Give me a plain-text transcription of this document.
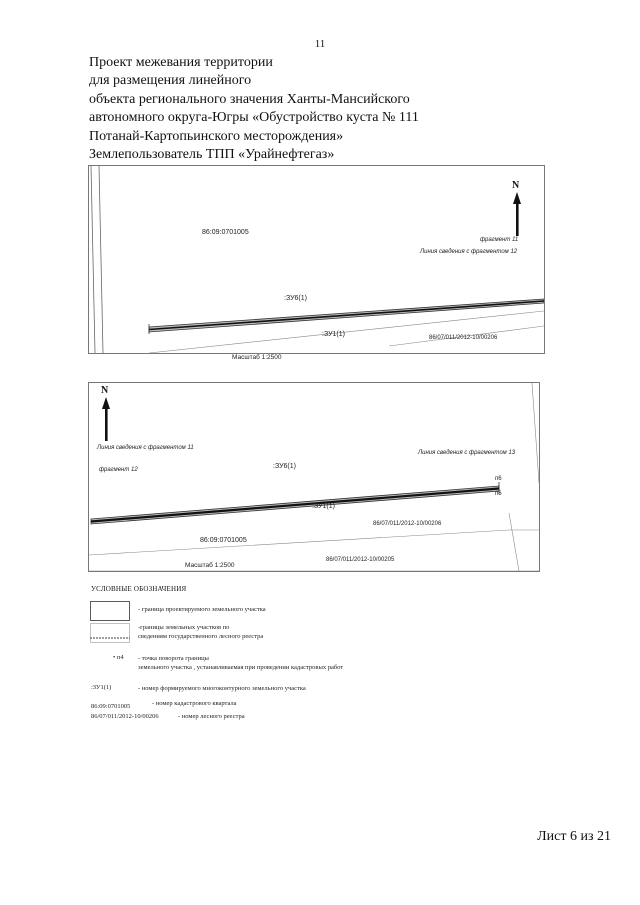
11
Проект межевания территории
для размещения линейного
объекта регионального значения Ханты-Мансийского
автономного округа-Югры «Обустройство куста № 111
Потанай-Картопьинского месторождения»
Землепользователь ТПП «Урайнефтегаз»
N
86:09:0701005
фрагмент 11
Линия сведения с фрагментом 12
:ЗУ6(1)
:ЗУ1(1)	86/07/011/2012-10/00206
Масштаб 1:2500
N
Линия сведения с фрагментом 11
Линия сведения с фрагментом 13
фрагмент 12	:ЗУ6(1)
:ЗУ1(1)
86/07/011/2012-10/00206
86:09:0701005
86/07/011/2012-10/00205
п6
п6
Масштаб 1:2500
УСЛОВНЫЕ ОБОЗНАЧЕНИЯ
- граница проектируемого земельного участка
-границы земельных участков по
сведениям государственного лесного реестра
• п4 - точка поворота границы
земельного участка , устанавливаемая при проведении кадастровых работ
:ЗУ1(1)	- номер формируемого многоконтурного земельного участка
86:09:0701005	- номер кадастрового квартала
86/07/011/2012-10/00206	- номер лесного реестра
Лист 6 из 21
